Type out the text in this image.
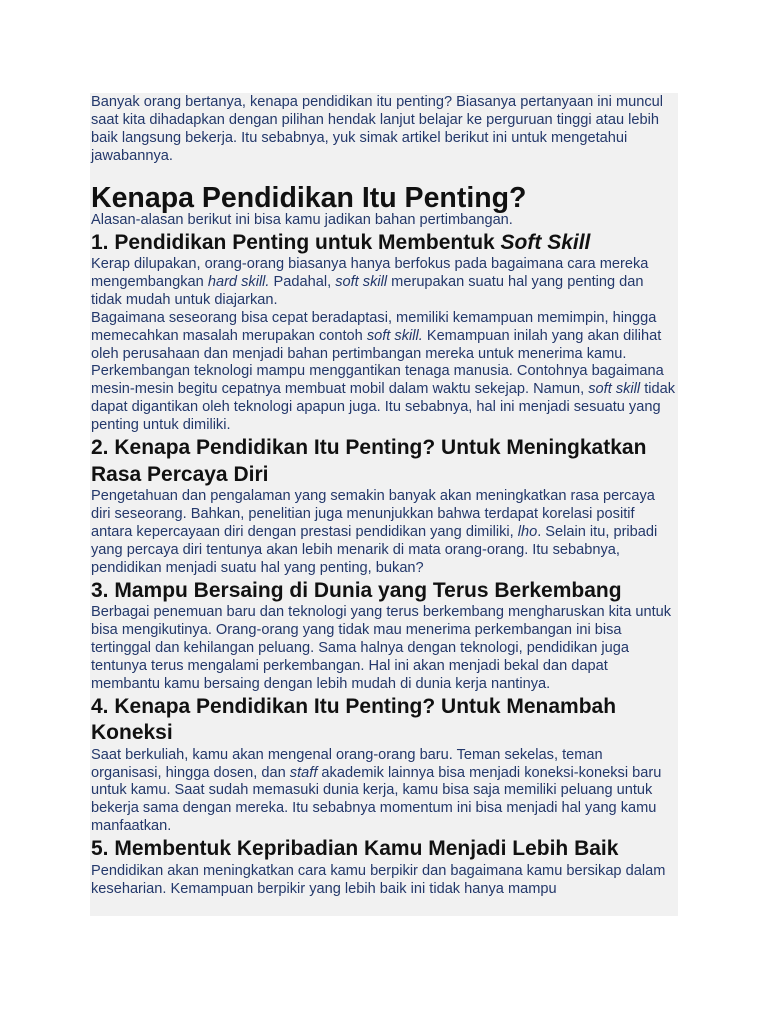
Banyak orang bertanya, kenapa pendidikan itu penting? Biasanya pertanyaan ini muncul saat kita dihadapkan dengan pilihan hendak lanjut belajar ke perguruan tinggi atau lebih baik langsung bekerja. Itu sebabnya, yuk simak artikel berikut ini untuk mengetahui jawabannya.

Kenapa Pendidikan Itu Penting?

Alasan-alasan berikut ini bisa kamu jadikan bahan pertimbangan.

1. Pendidikan Penting untuk Membentuk Soft Skill

Kerap dilupakan, orang-orang biasanya hanya berfokus pada bagaimana cara mereka mengembangkan hard skill. Padahal, soft skill merupakan suatu hal yang penting dan tidak mudah untuk diajarkan.

Bagaimana seseorang bisa cepat beradaptasi, memiliki kemampuan memimpin, hingga memecahkan masalah merupakan contoh soft skill. Kemampuan inilah yang akan dilihat oleh perusahaan dan menjadi bahan pertimbangan mereka untuk menerima kamu.

Perkembangan teknologi mampu menggantikan tenaga manusia. Contohnya bagaimana mesin-mesin begitu cepatnya membuat mobil dalam waktu sekejap. Namun, soft skill tidak dapat digantikan oleh teknologi apapun juga. Itu sebabnya, hal ini menjadi sesuatu yang penting untuk dimiliki.

2. Kenapa Pendidikan Itu Penting? Untuk Meningkatkan Rasa Percaya Diri

Pengetahuan dan pengalaman yang semakin banyak akan meningkatkan rasa percaya diri seseorang. Bahkan, penelitian juga menunjukkan bahwa terdapat korelasi positif antara kepercayaan diri dengan prestasi pendidikan yang dimiliki, lho. Selain itu, pribadi yang percaya diri tentunya akan lebih menarik di mata orang-orang. Itu sebabnya, pendidikan menjadi suatu hal yang penting, bukan?

3. Mampu Bersaing di Dunia yang Terus Berkembang

Berbagai penemuan baru dan teknologi yang terus berkembang mengharuskan kita untuk bisa mengikutinya. Orang-orang yang tidak mau menerima perkembangan ini bisa tertinggal dan kehilangan peluang. Sama halnya dengan teknologi, pendidikan juga tentunya terus mengalami perkembangan. Hal ini akan menjadi bekal dan dapat membantu kamu bersaing dengan lebih mudah di dunia kerja nantinya.

4. Kenapa Pendidikan Itu Penting? Untuk Menambah Koneksi

Saat berkuliah, kamu akan mengenal orang-orang baru. Teman sekelas, teman organisasi, hingga dosen, dan staff akademik lainnya bisa menjadi koneksi-koneksi baru untuk kamu. Saat sudah memasuki dunia kerja, kamu bisa saja memiliki peluang untuk bekerja sama dengan mereka. Itu sebabnya momentum ini bisa menjadi hal yang kamu manfaatkan.

5. Membentuk Kepribadian Kamu Menjadi Lebih Baik

Pendidikan akan meningkatkan cara kamu berpikir dan bagaimana kamu bersikap dalam keseharian. Kemampuan berpikir yang lebih baik ini tidak hanya mampu
